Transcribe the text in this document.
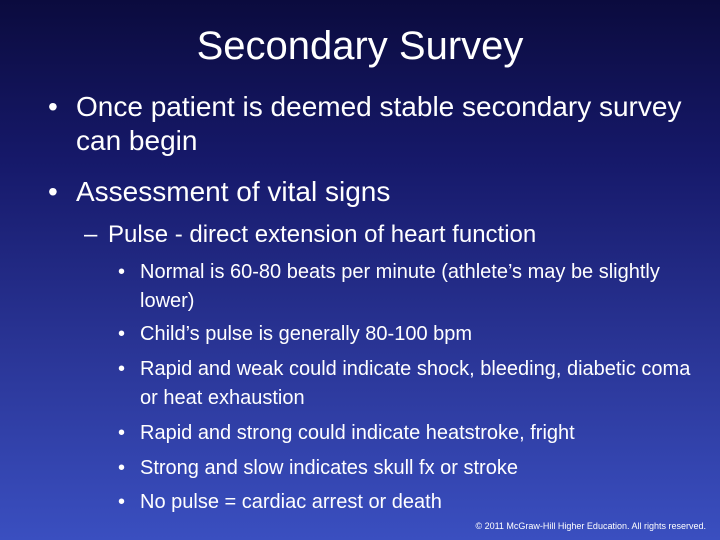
Secondary Survey
• Once patient is deemed stable secondary survey can begin
• Assessment of vital signs
– Pulse - direct extension of heart function
• Normal is 60-80 beats per minute (athlete’s may be slightly lower)
• Child’s pulse is generally 80-100 bpm
• Rapid and weak could indicate shock, bleeding, diabetic coma or heat exhaustion
• Rapid and strong could indicate heatstroke, fright
• Strong and slow indicates skull fx or stroke
• No pulse = cardiac arrest or death
© 2011 McGraw-Hill Higher Education. All rights reserved.
